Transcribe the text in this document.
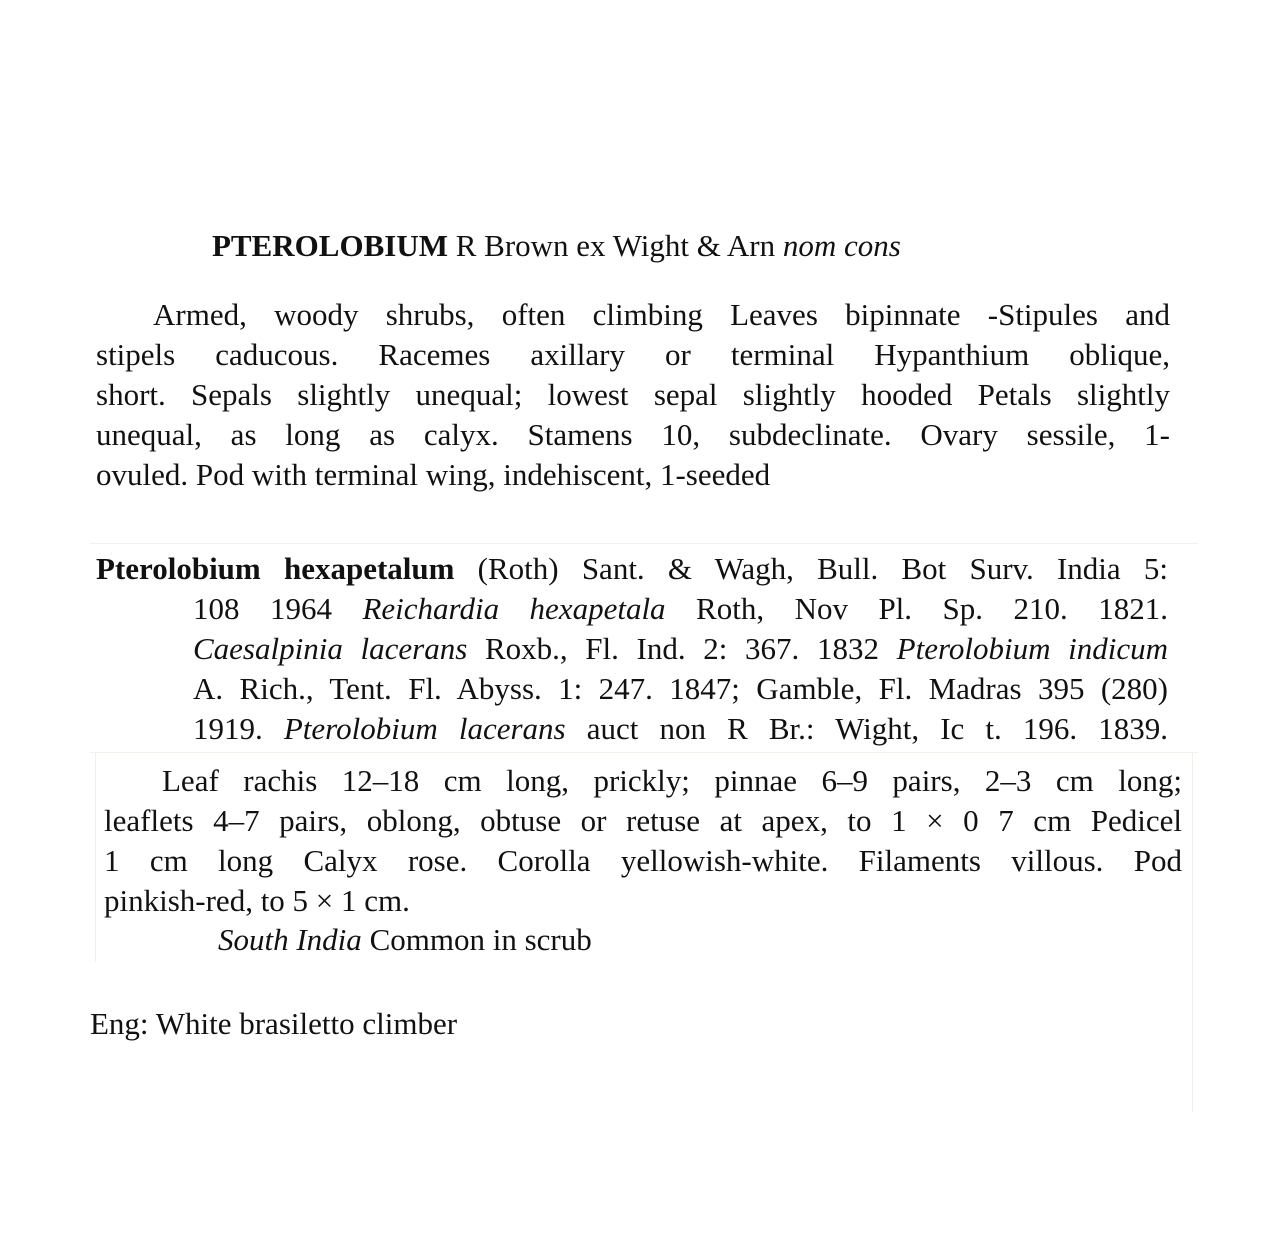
PTEROLOBIUM R Brown ex Wight & Arn nom cons
Armed, woody shrubs, often climbing Leaves bipinnate -Stipules and
stipels caducous. Racemes axillary or terminal Hypanthium oblique,
short. Sepals slightly unequal; lowest sepal slightly hooded Petals slightly
unequal, as long as calyx. Stamens 10, subdeclinate. Ovary sessile, 1-
ovuled. Pod with terminal wing, indehiscent, 1-seeded
Pterolobium hexapetalum (Roth) Sant. & Wagh, Bull. Bot Surv. India 5:
108 1964 Reichardia hexapetala Roth, Nov Pl. Sp. 210. 1821.
Caesalpinia lacerans Roxb., Fl. Ind. 2: 367. 1832 Pterolobium indicum
A. Rich., Tent. Fl. Abyss. 1: 247. 1847; Gamble, Fl. Madras 395 (280)
1919. Pterolobium lacerans auct non R Br.: Wight, Ic t. 196. 1839.
Leaf rachis 12–18 cm long, prickly; pinnae 6–9 pairs, 2–3 cm long;
leaflets 4–7 pairs, oblong, obtuse or retuse at apex, to 1 × 0 7 cm Pedicel
1 cm long Calyx rose. Corolla yellowish-white. Filaments villous. Pod
pinkish-red, to 5 × 1 cm.
South India Common in scrub
Eng: White brasiletto climber
